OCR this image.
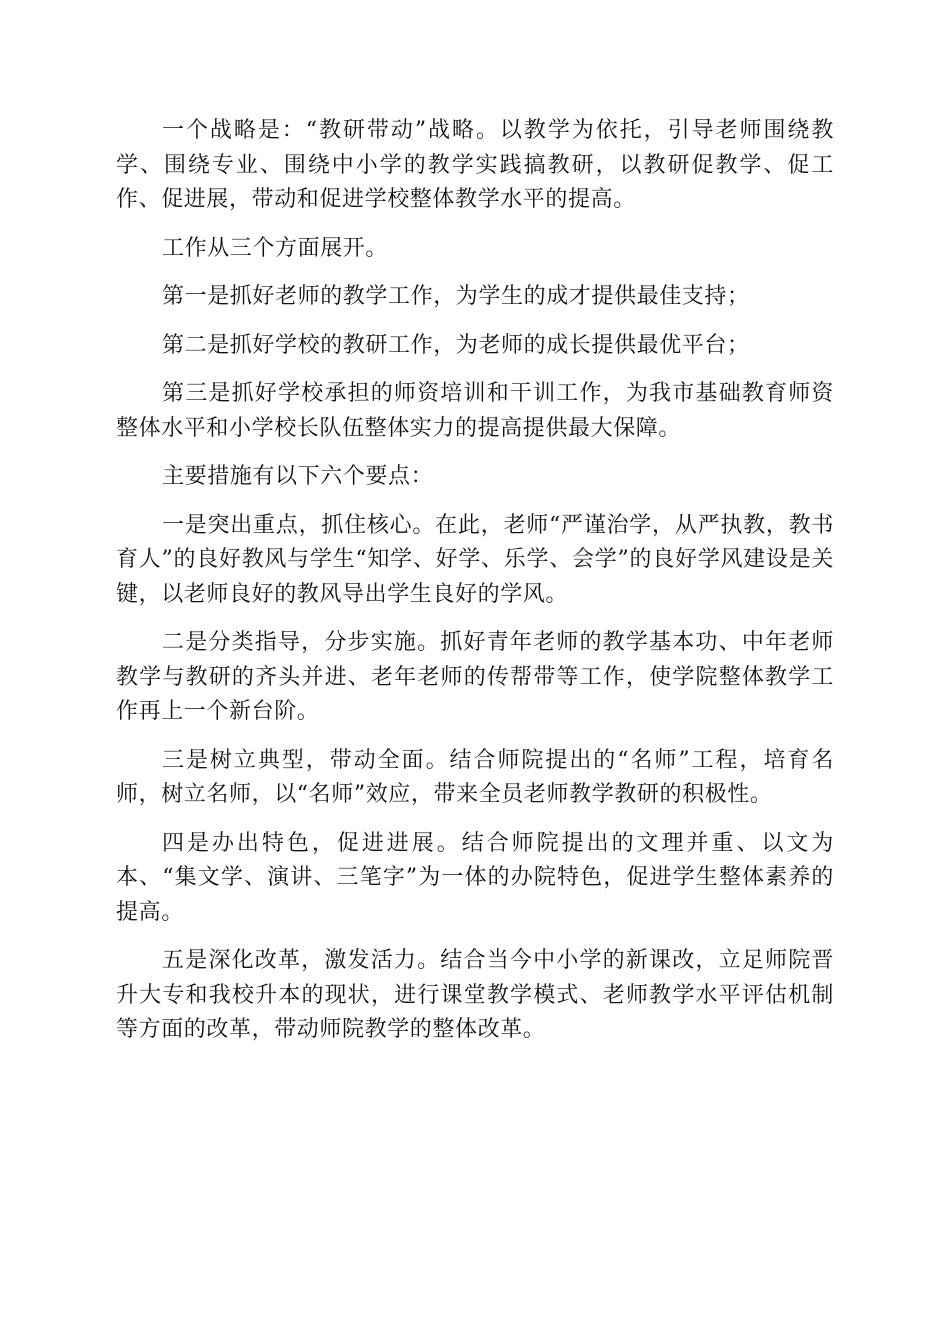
一个战略是：“教研带动”战略。以教学为依托，引导老师围绕教学、围绕专业、围绕中小学的教学实践搞教研，以教研促教学、促工作、促进展，带动和促进学校整体教学水平的提高。

工作从三个方面展开。

第一是抓好老师的教学工作，为学生的成才提供最佳支持；

第二是抓好学校的教研工作，为老师的成长提供最优平台；

第三是抓好学校承担的师资培训和干训工作，为我市基础教育师资整体水平和小学校长队伍整体实力的提高提供最大保障。

主要措施有以下六个要点：

一是突出重点，抓住核心。在此，老师“严谨治学，从严执教，教书育人”的良好教风与学生“知学、好学、乐学、会学”的良好学风建设是关键，以老师良好的教风导出学生良好的学风。

二是分类指导，分步实施。抓好青年老师的教学基本功、中年老师教学与教研的齐头并进、老年老师的传帮带等工作，使学院整体教学工作再上一个新台阶。

三是树立典型，带动全面。结合师院提出的“名师”工程，培育名师，树立名师，以“名师”效应，带来全员老师教学教研的积极性。

四是办出特色，促进进展。结合师院提出的文理并重、以文为本、“集文学、演讲、三笔字”为一体的办院特色，促进学生整体素养的提高。

五是深化改革，激发活力。结合当今中小学的新课改，立足师院晋升大专和我校升本的现状，进行课堂教学模式、老师教学水平评估机制等方面的改革，带动师院教学的整体改革。
